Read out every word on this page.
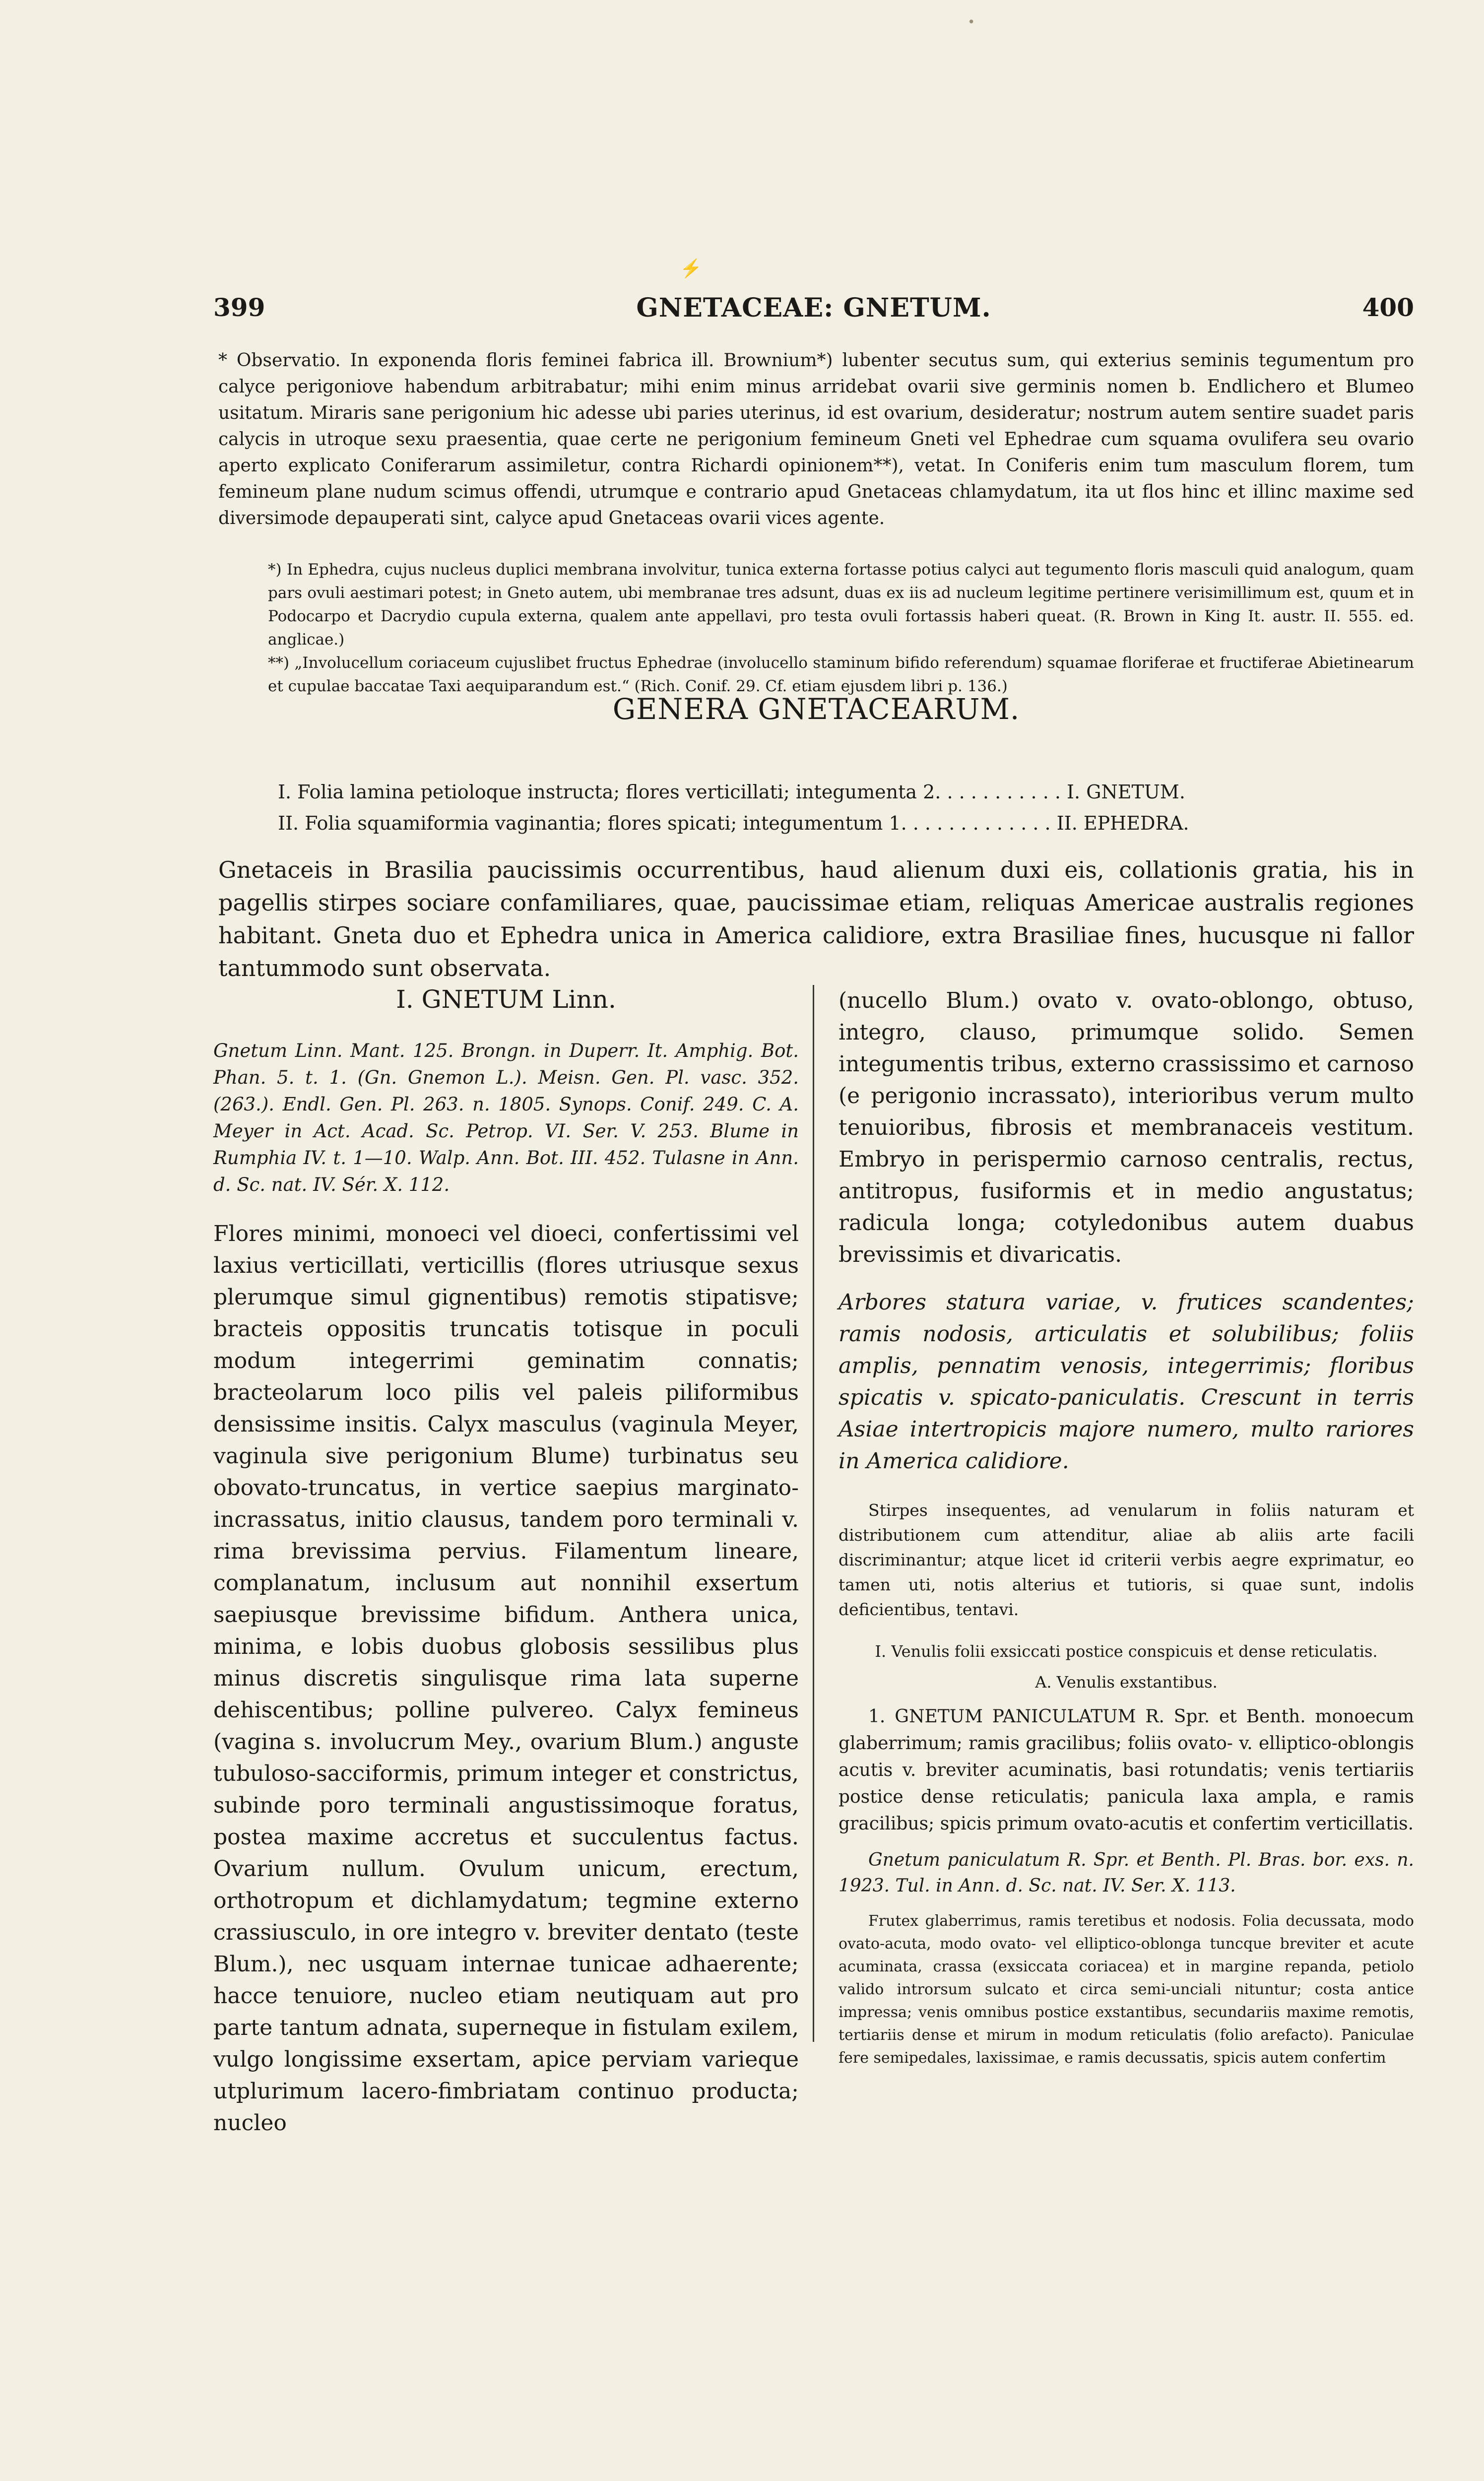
•
⚡
399	GNETACEAE: GNETUM.	400

* Observatio. In exponenda floris feminei fabrica ill. Brownium*) lubenter secutus sum, qui exterius seminis tegumentum pro calyce perigoniove habendum arbitrabatur; mihi enim minus arridebat ovarii sive germinis nomen b. Endlichero et Blumeo usitatum. Miraris sane perigonium hic adesse ubi paries uterinus, id est ovarium, desideratur; nostrum autem sentire suadet paris calycis in utroque sexu praesentia, quae certe ne perigonium femineum Gneti vel Ephedrae cum squama ovulifera seu ovario aperto explicato Coniferarum assimiletur, contra Richardi opinionem**), vetat. In Coniferis enim tum masculum florem, tum femineum plane nudum scimus offendi, utrumque e contrario apud Gnetaceas chlamydatum, ita ut flos hinc et illinc maxime sed diversimode depauperati sint, calyce apud Gnetaceas ovarii vices agente.

*) In Ephedra, cujus nucleus duplici membrana involvitur, tunica externa fortasse potius calyci aut tegumento floris masculi quid analogum, quam pars ovuli aestimari potest; in Gneto autem, ubi membranae tres adsunt, duas ex iis ad nucleum legitime pertinere verisimillimum est, quum et in Podocarpo et Dacrydio cupula externa, qualem ante appellavi, pro testa ovuli fortassis haberi queat. (R. Brown in King It. austr. II. 555. ed. anglicae.)

**) „Involucellum coriaceum cujuslibet fructus Ephedrae (involucello staminum bifido referendum) squamae floriferae et fructiferae Abietinearum et cupulae baccatae Taxi aequiparandum est.“ (Rich. Conif. 29. Cf. etiam ejusdem libri p. 136.)

GENERA GNETACEARUM.
I. Folia lamina petioloque instructa; flores verticillati; integumenta 2. . . . . . . . . . . I. GNETUM.
II. Folia squamiformia vaginantia; flores spicati; integumentum 1. . . . . . . . . . . . . II. EPHEDRA.

Gnetaceis in Brasilia paucissimis occurrentibus, haud alienum duxi eis, collationis gratia, his in pagellis stirpes sociare confamiliares, quae, paucissimae etiam, reliquas Americae australis regiones habitant. Gneta duo et Ephedra unica in America calidiore, extra Brasiliae fines, hucusque ni fallor tantummodo sunt observata.

I. GNETUM Linn.

Gnetum Linn. Mant. 125. Brongn. in Duperr. It. Amphig. Bot. Phan. 5. t. 1. (Gn. Gnemon L.). Meisn. Gen. Pl. vasc. 352. (263.). Endl. Gen. Pl. 263. n. 1805. Synops. Conif. 249. C. A. Meyer in Act. Acad. Sc. Petrop. VI. Ser. V. 253. Blume in Rumphia IV. t. 1—10. Walp. Ann. Bot. III. 452. Tulasne in Ann. d. Sc. nat. IV. Sér. X. 112.

Flores minimi, monoeci vel dioeci, confertissimi vel laxius verticillati, verticillis (flores utriusque sexus plerumque simul gignentibus) remotis stipatisve; bracteis oppositis truncatis totisque in poculi modum integerrimi geminatim connatis; bracteolarum loco pilis vel paleis piliformibus densissime insitis. Calyx masculus (vaginula Meyer, vaginula sive perigonium Blume) turbinatus seu obovato-truncatus, in vertice saepius marginato-incrassatus, initio clausus, tandem poro terminali v. rima brevissima pervius. Filamentum lineare, complanatum, inclusum aut nonnihil exsertum saepiusque brevissime bifidum. Anthera unica, minima, e lobis duobus globosis sessilibus plus minus discretis singulisque rima lata superne dehiscentibus; polline pulvereo. Calyx femineus (vagina s. involucrum Mey., ovarium Blum.) anguste tubuloso-sacciformis, primum integer et constrictus, subinde poro terminali angustissimoque foratus, postea maxime accretus et succulentus factus. Ovarium nullum. Ovulum unicum, erectum, orthotropum et dichlamydatum; tegmine externo crassiusculo, in ore integro v. breviter dentato (teste Blum.), nec usquam internae tunicae adhaerente; hacce tenuiore, nucleo etiam neutiquam aut pro parte tantum adnata, superneque in fistulam exilem, vulgo longissime exsertam, apice perviam varieque utplurimum lacero-fimbriatam continuo producta; nucleo

(nucello Blum.) ovato v. ovato-oblongo, obtuso, integro, clauso, primumque solido. Semen integumentis tribus, externo crassissimo et carnoso (e perigonio incrassato), interioribus verum multo tenuioribus, fibrosis et membranaceis vestitum. Embryo in perispermio carnoso centralis, rectus, antitropus, fusiformis et in medio angustatus; radicula longa; cotyledonibus autem duabus brevissimis et divaricatis.

Arbores statura variae, v. frutices scandentes; ramis nodosis, articulatis et solubilibus; foliis amplis, pennatim venosis, integerrimis; floribus spicatis v. spicato-paniculatis. Crescunt in terris Asiae intertropicis majore numero, multo rariores in America calidiore.

Stirpes insequentes, ad venularum in foliis naturam et distributionem cum attenditur, aliae ab aliis arte facili discriminantur; atque licet id criterii verbis aegre exprimatur, eo tamen uti, notis alterius et tutioris, si quae sunt, indolis deficientibus, tentavi.

I. Venulis folii exsiccati postice conspicuis et dense reticulatis.

A. Venulis exstantibus.

1. GNETUM PANICULATUM R. Spr. et Benth. monoecum glaberrimum; ramis gracilibus; foliis ovato- v. elliptico-oblongis acutis v. breviter acuminatis, basi rotundatis; venis tertiariis postice dense reticulatis; panicula laxa ampla, e ramis gracilibus; spicis primum ovato-acutis et confertim verticillatis.

Gnetum paniculatum R. Spr. et Benth. Pl. Bras. bor. exs. n. 1923. Tul. in Ann. d. Sc. nat. IV. Ser. X. 113.

Frutex glaberrimus, ramis teretibus et nodosis. Folia decussata, modo ovato-acuta, modo ovato- vel elliptico-oblonga tuncque breviter et acute acuminata, crassa (exsiccata coriacea) et in margine repanda, petiolo valido introrsum sulcato et circa semi-unciali nituntur; costa antice impressa; venis omnibus postice exstantibus, secundariis maxime remotis, tertiariis dense et mirum in modum reticulatis (folio arefacto). Paniculae fere semipedales, laxissimae, e ramis decussatis, spicis autem confertim
